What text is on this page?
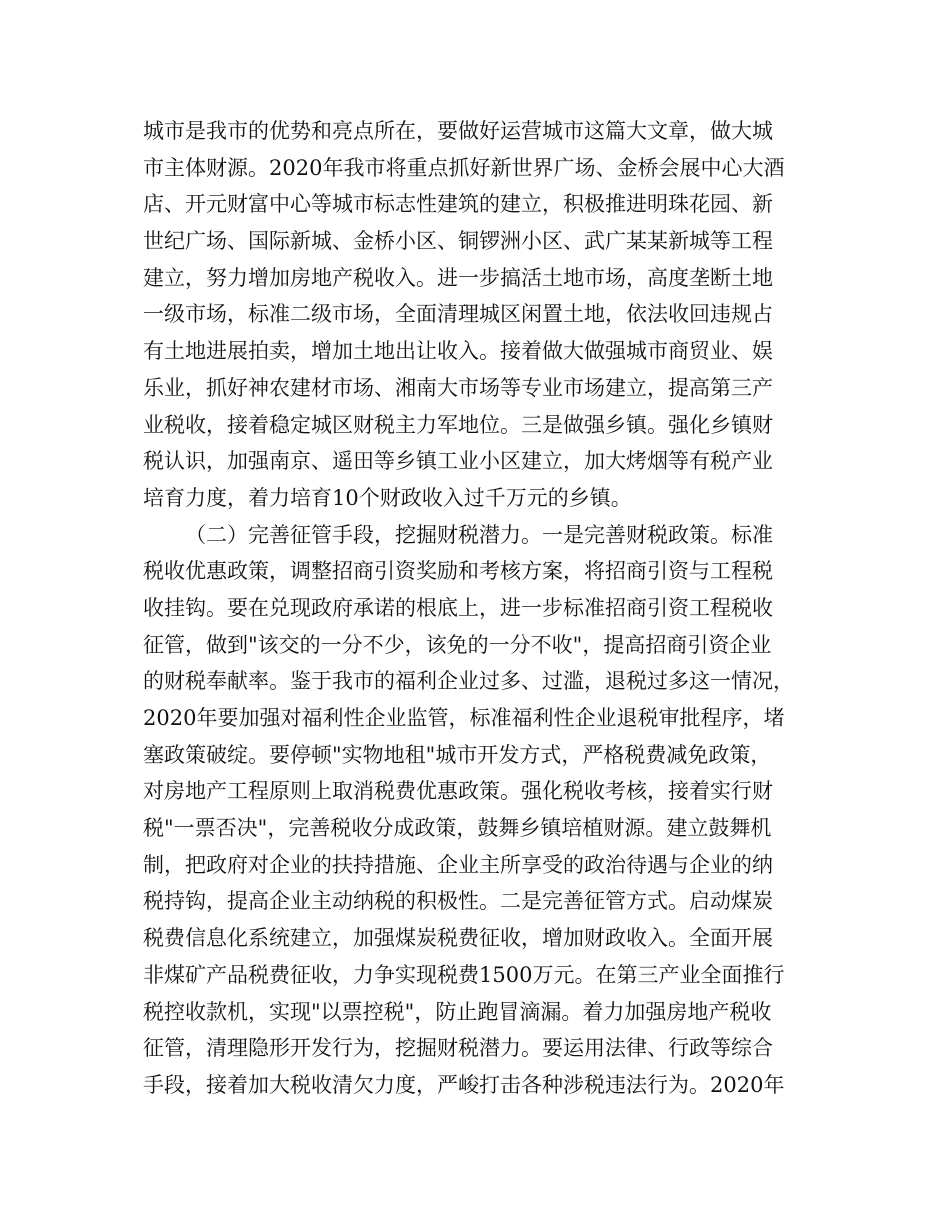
城市是我市的优势和亮点所在，要做好运营城市这篇大文章，做大城
市主体财源。2020年我市将重点抓好新世界广场、金桥会展中心大酒
店、开元财富中心等城市标志性建筑的建立，积极推进明珠花园、新
世纪广场、国际新城、金桥小区、铜锣洲小区、武广某某新城等工程
建立，努力增加房地产税收入。进一步搞活土地市场，高度垄断土地
一级市场，标准二级市场，全面清理城区闲置土地，依法收回违规占
有土地进展拍卖，增加土地出让收入。接着做大做强城市商贸业、娱
乐业，抓好神农建材市场、湘南大市场等专业市场建立，提高第三产
业税收，接着稳定城区财税主力军地位。三是做强乡镇。强化乡镇财
税认识，加强南京、遥田等乡镇工业小区建立，加大烤烟等有税产业
培育力度，着力培育10个财政收入过千万元的乡镇。
（二）完善征管手段，挖掘财税潜力。一是完善财税政策。标准
税收优惠政策，调整招商引资奖励和考核方案，将招商引资与工程税
收挂钩。要在兑现政府承诺的根底上，进一步标准招商引资工程税收
征管，做到"该交的一分不少，该免的一分不收"，提高招商引资企业
的财税奉献率。鉴于我市的福利企业过多、过滥，退税过多这一情况，
2020年要加强对福利性企业监管，标准福利性企业退税审批程序，堵
塞政策破绽。要停顿"实物地租"城市开发方式，严格税费减免政策，
对房地产工程原则上取消税费优惠政策。强化税收考核，接着实行财
税"一票否决"，完善税收分成政策，鼓舞乡镇培植财源。建立鼓舞机
制，把政府对企业的扶持措施、企业主所享受的政治待遇与企业的纳
税持钩，提高企业主动纳税的积极性。二是完善征管方式。启动煤炭
税费信息化系统建立，加强煤炭税费征收，增加财政收入。全面开展
非煤矿产品税费征收，力争实现税费1500万元。在第三产业全面推行
税控收款机，实现"以票控税"，防止跑冒滴漏。着力加强房地产税收
征管，清理隐形开发行为，挖掘财税潜力。要运用法律、行政等综合
手段，接着加大税收清欠力度，严峻打击各种涉税违法行为。2020年
